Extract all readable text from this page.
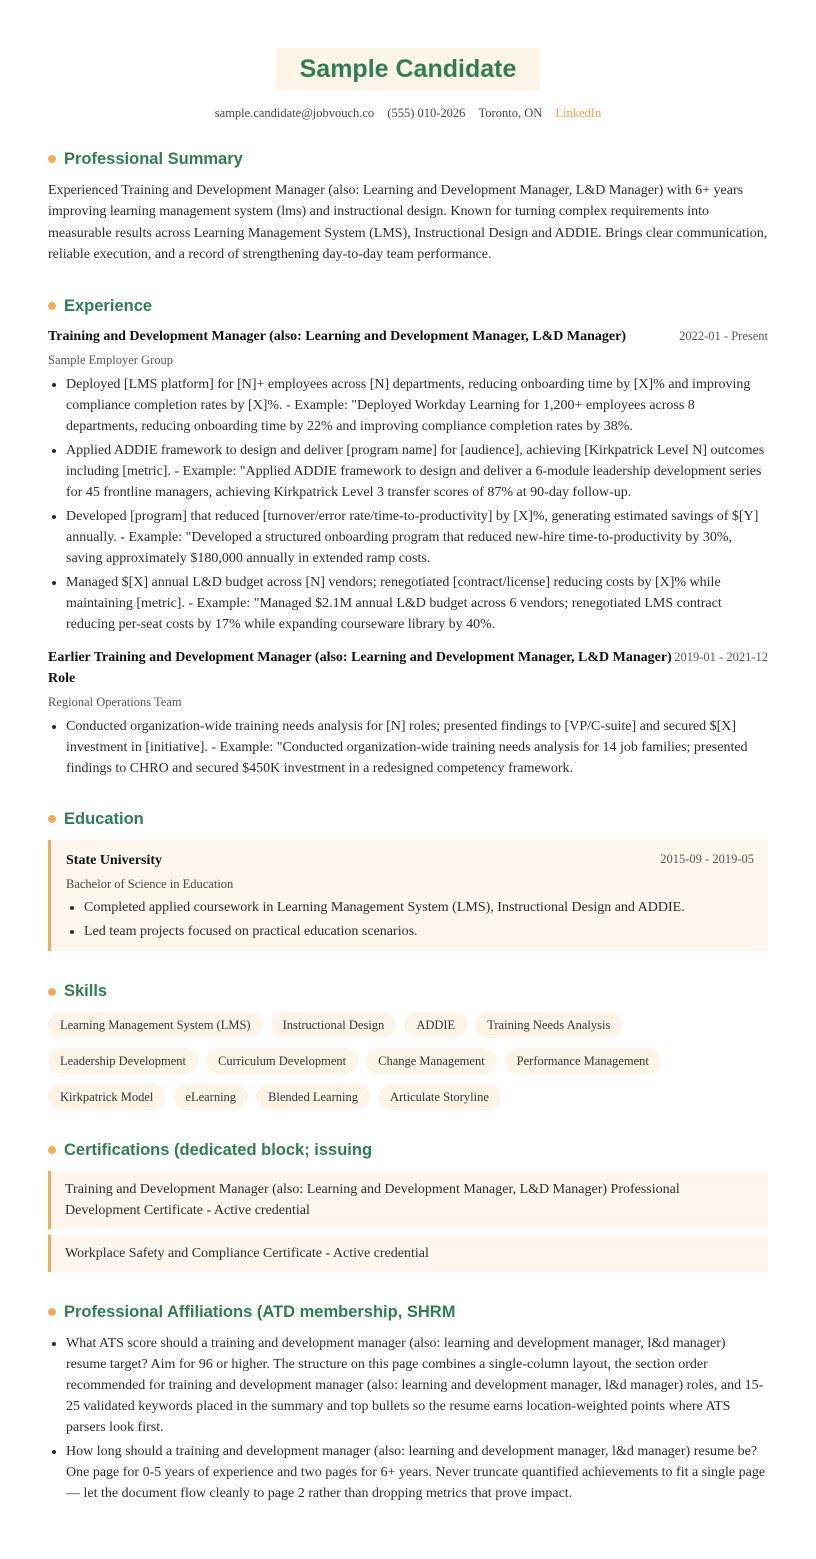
Sample Candidate
sample.candidate@jobvouch.co (555) 010-2026 Toronto, ON LinkedIn
Professional Summary

Experienced Training and Development Manager (also: Learning and Development Manager, L&D Manager) with 6+ years improving learning management system (lms) and instructional design. Known for turning complex requirements into measurable results across Learning Management System (LMS), Instructional Design and ADDIE. Brings clear communication, reliable execution, and a record of strengthening day-to-day team performance.

Experience
Training and Development Manager (also: Learning and Development Manager, L&D Manager)	2022-01 - Present
Sample Employer Group
• Deployed [LMS platform] for [N]+ employees across [N] departments, reducing onboarding time by [X]% and improving compliance completion rates by [X]%. - Example: "Deployed Workday Learning for 1,200+ employees across 8 departments, reducing onboarding time by 22% and improving compliance completion rates by 38%.
• Applied ADDIE framework to design and deliver [program name] for [audience], achieving [Kirkpatrick Level N] outcomes including [metric]. - Example: "Applied ADDIE framework to design and deliver a 6-module leadership development series for 45 frontline managers, achieving Kirkpatrick Level 3 transfer scores of 87% at 90-day follow-up.
• Developed [program] that reduced [turnover/error rate/time-to-productivity] by [X]%, generating estimated savings of $[Y] annually. - Example: "Developed a structured onboarding program that reduced new-hire time-to-productivity by 30%, saving approximately $180,000 annually in extended ramp costs.
• Managed $[X] annual L&D budget across [N] vendors; renegotiated [contract/license] reducing costs by [X]% while maintaining [metric]. - Example: "Managed $2.1M annual L&D budget across 6 vendors; renegotiated LMS contract reducing per-seat costs by 17% while expanding courseware library by 40%.
Earlier Training and Development Manager (also: Learning and Development Manager, L&D Manager) Role
2019-01 - 2021-12
Regional Operations Team
• Conducted organization-wide training needs analysis for [N] roles; presented findings to [VP/C-suite] and secured $[X] investment in [initiative]. - Example: "Conducted organization-wide training needs analysis for 14 job families; presented findings to CHRO and secured $450K investment in a redesigned competency framework.
Education
State University	2015-09 - 2019-05
Bachelor of Science in Education
• Completed applied coursework in Learning Management System (LMS), Instructional Design and ADDIE.
• Led team projects focused on practical education scenarios.
Skills
Learning Management System (LMS)	Instructional Design	ADDIE	Training Needs Analysis
Leadership Development	Curriculum Development	Change Management	Performance Management
Kirkpatrick Model	eLearning	Blended Learning	Articulate Storyline
Certifications (dedicated block; issuing
Training and Development Manager (also: Learning and Development Manager, L&D Manager) Professional Development Certificate - Active credential
Workplace Safety and Compliance Certificate - Active credential
Professional Affiliations (ATD membership, SHRM
• What ATS score should a training and development manager (also: learning and development manager, l&d manager) resume target? Aim for 96 or higher. The structure on this page combines a single-column layout, the section order recommended for training and development manager (also: learning and development manager, l&d manager) roles, and 15-25 validated keywords placed in the summary and top bullets so the resume earns location-weighted points where ATS parsers look first.
• How long should a training and development manager (also: learning and development manager, l&d manager) resume be? One page for 0-5 years of experience and two pages for 6+ years. Never truncate quantified achievements to fit a single page — let the document flow cleanly to page 2 rather than dropping metrics that prove impact.
